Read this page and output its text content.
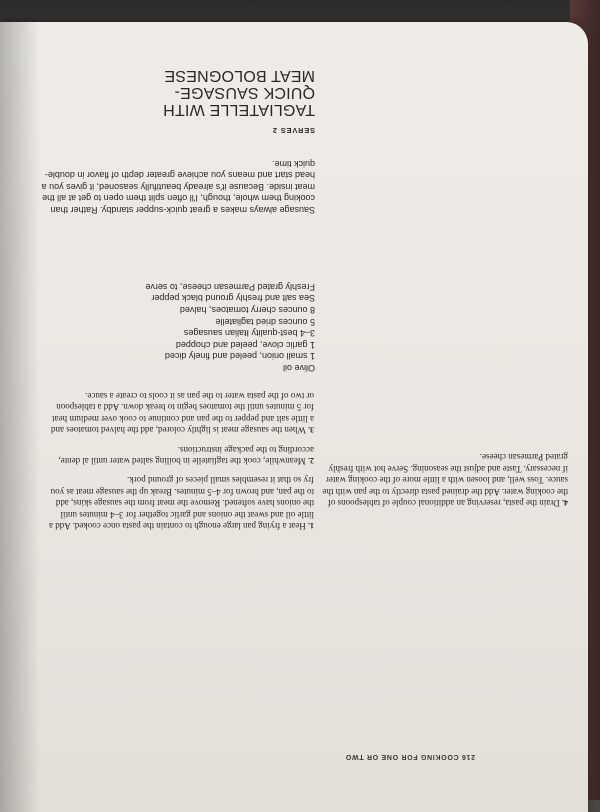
TAGLIATELLE WITH
QUICK SAUSAGE-
MEAT BOLOGNESE
SERVES 2
Sausage always makes a great quick-supper standby. Rather than cooking them whole, though, I'll often split them open to get at all the meat inside. Because it's already beautifully seasoned, it gives you a head start and means you achieve greater depth of flavor in double-quick time.
Olive oil
1 small onion, peeled and finely diced
1 garlic clove, peeled and chopped
3–4 best-quality Italian sausages
5 ounces dried tagliatelle
8 ounces cherry tomatoes, halved
Sea salt and freshly ground black pepper
Freshly grated Parmesan cheese, to serve
1. Heat a frying pan large enough to contain the pasta once cooked. Add a little oil and sweat the onions and garlic together for 3–4 minutes until the onions have softened. Remove the meat from the sausage skins, add to the pan, and brown for 4–5 minutes. Break up the sausage meat as you fry so that it resembles small pieces of ground pork.
2. Meanwhile, cook the tagliatelle in boiling salted water until al dente, according to the package instructions.
3. When the sausage meat is lightly colored, add the halved tomatoes and a little salt and pepper to the pan and continue to cook over medium heat for 5 minutes until the tomatoes begin to break down. Add a tablespoon or two of the pasta water to the pan as it cools to create a sauce.
4. Drain the pasta, reserving an additional couple of tablespoons of the cooking water. Add the drained pasta directly to the pan with the sauce. Toss well, and loosen with a little more of the cooking water if necessary. Taste and adjust the seasoning. Serve hot with freshly grated Parmesan cheese.
216 COOKING FOR ONE OR TWO
